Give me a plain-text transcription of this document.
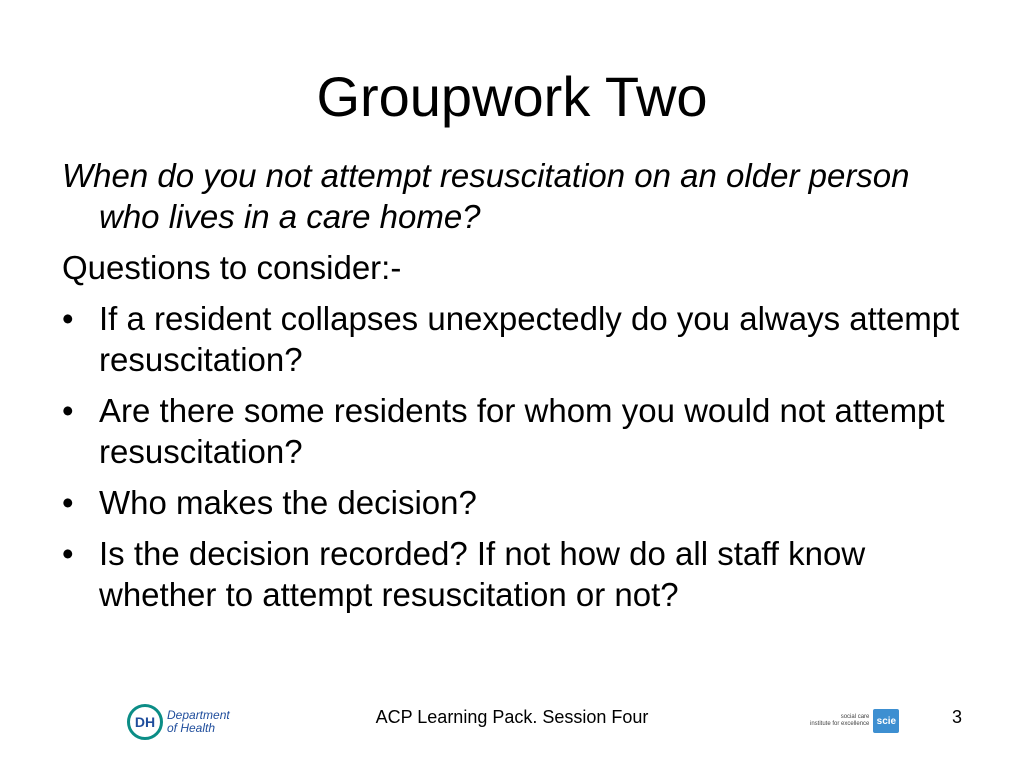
Groupwork Two
When do you not attempt resuscitation on an older person who lives in a care home?
Questions to consider:-
• If a resident collapses unexpectedly do you always attempt resuscitation?
• Are there some residents for whom you would not attempt resuscitation?
• Who makes the decision?
• Is the decision recorded? If not how do all staff know whether to attempt resuscitation or not?
DH Department
of Health
ACP Learning Pack. Session Four	social care
institute for excellence scie	3
